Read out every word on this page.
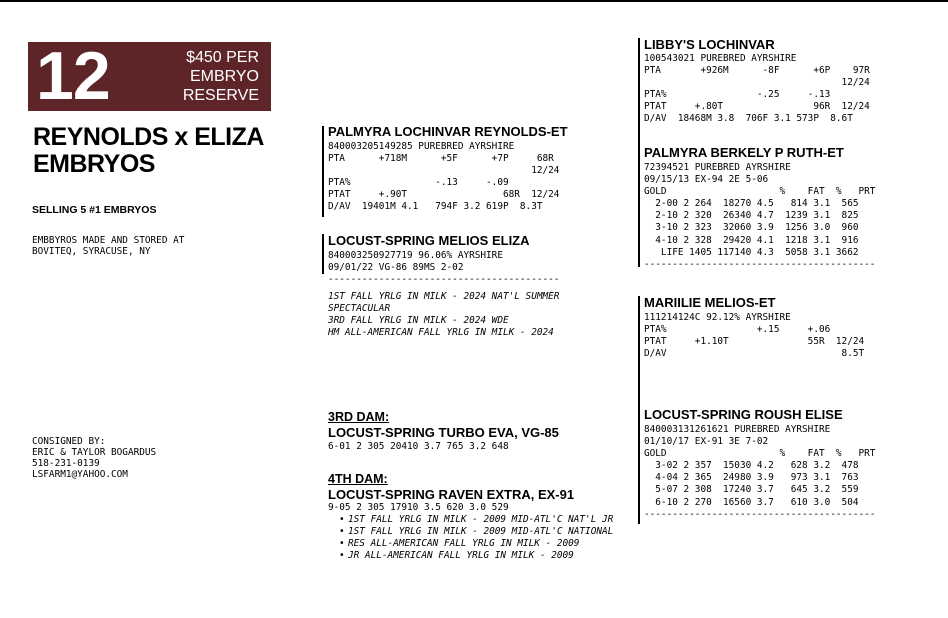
12	$450 PER
EMBRYO
RESERVE
REYNOLDS x ELIZA
EMBRYOS
SELLING 5 #1 EMBRYOS
EMBBYROS MADE AND STORED AT
BOVITEQ, SYRACUSE, NY
CONSIGNED BY:
ERIC & TAYLOR BOGARDUS
518-231-0139
LSFARM1@YAHOO.COM
PALMYRA LOCHINVAR REYNOLDS-ET
840003205149285 PUREBRED AYRSHIRE
PTA      +718M      +5F      +7P     68R
12/24
PTA%               -.13     -.09
PTAT     +.90T                 68R  12/24
D/AV  19401M 4.1   794F 3.2 619P  8.3T
LOCUST-SPRING MELIOS ELIZA
840003250927719 96.06% AYRSHIRE
09/01/22 VG-86 89MS 2-02
-----------------------------------------
1ST FALL YRLG IN MILK - 2024 NAT'L SUMMER
SPECTACULAR
3RD FALL YRLG IN MILK - 2024 WDE
HM ALL-AMERICAN FALL YRLG IN MILK - 2024
3RD DAM:
LOCUST-SPRING TURBO EVA, VG-85
6-01 2 305 20410 3.7 765 3.2 648
4TH DAM:
LOCUST-SPRING RAVEN EXTRA, EX-91
9-05 2 305 17910 3.5 620 3.0 529
• 1ST FALL YRLG IN MILK - 2009 MID-ATL'C NAT'L JR
• 1ST FALL YRLG IN MILK - 2009 MID-ATL'C NATIONAL
• RES ALL-AMERICAN FALL YRLG IN MILK - 2009
• JR ALL-AMERICAN FALL YRLG IN MILK - 2009
LIBBY'S LOCHINVAR
100543021 PUREBRED AYRSHIRE
PTA       +926M      -8F      +6P    97R
12/24
PTA%                -.25     -.13
PTAT     +.80T                96R  12/24
D/AV  18468M 3.8  706F 3.1 573P  8.6T
PALMYRA BERKELY P RUTH-ET
72394521 PUREBRED AYRSHIRE
09/15/13 EX-94 2E 5-06
GOLD                    %    FAT  %   PRT
2-00 2 264  18270 4.5   814 3.1  565
2-10 2 320  26340 4.7  1239 3.1  825
3-10 2 323  32060 3.9  1256 3.0  960
4-10 2 328  29420 4.1  1218 3.1  916
LIFE 1405 117140 4.3  5058 3.1 3662
-----------------------------------------
MARIILIE MELIOS-ET
111214124C 92.12% AYRSHIRE
PTA%                +.15     +.06
PTAT     +1.10T              55R  12/24
D/AV                               8.5T
LOCUST-SPRING ROUSH ELISE
840003131261621 PUREBRED AYRSHIRE
01/10/17 EX-91 3E 7-02
GOLD                    %    FAT  %   PRT
3-02 2 357  15030 4.2   628 3.2  478
4-04 2 365  24980 3.9   973 3.1  763
5-07 2 308  17240 3.7   645 3.2  559
6-10 2 270  16560 3.7   610 3.0  504
-----------------------------------------
